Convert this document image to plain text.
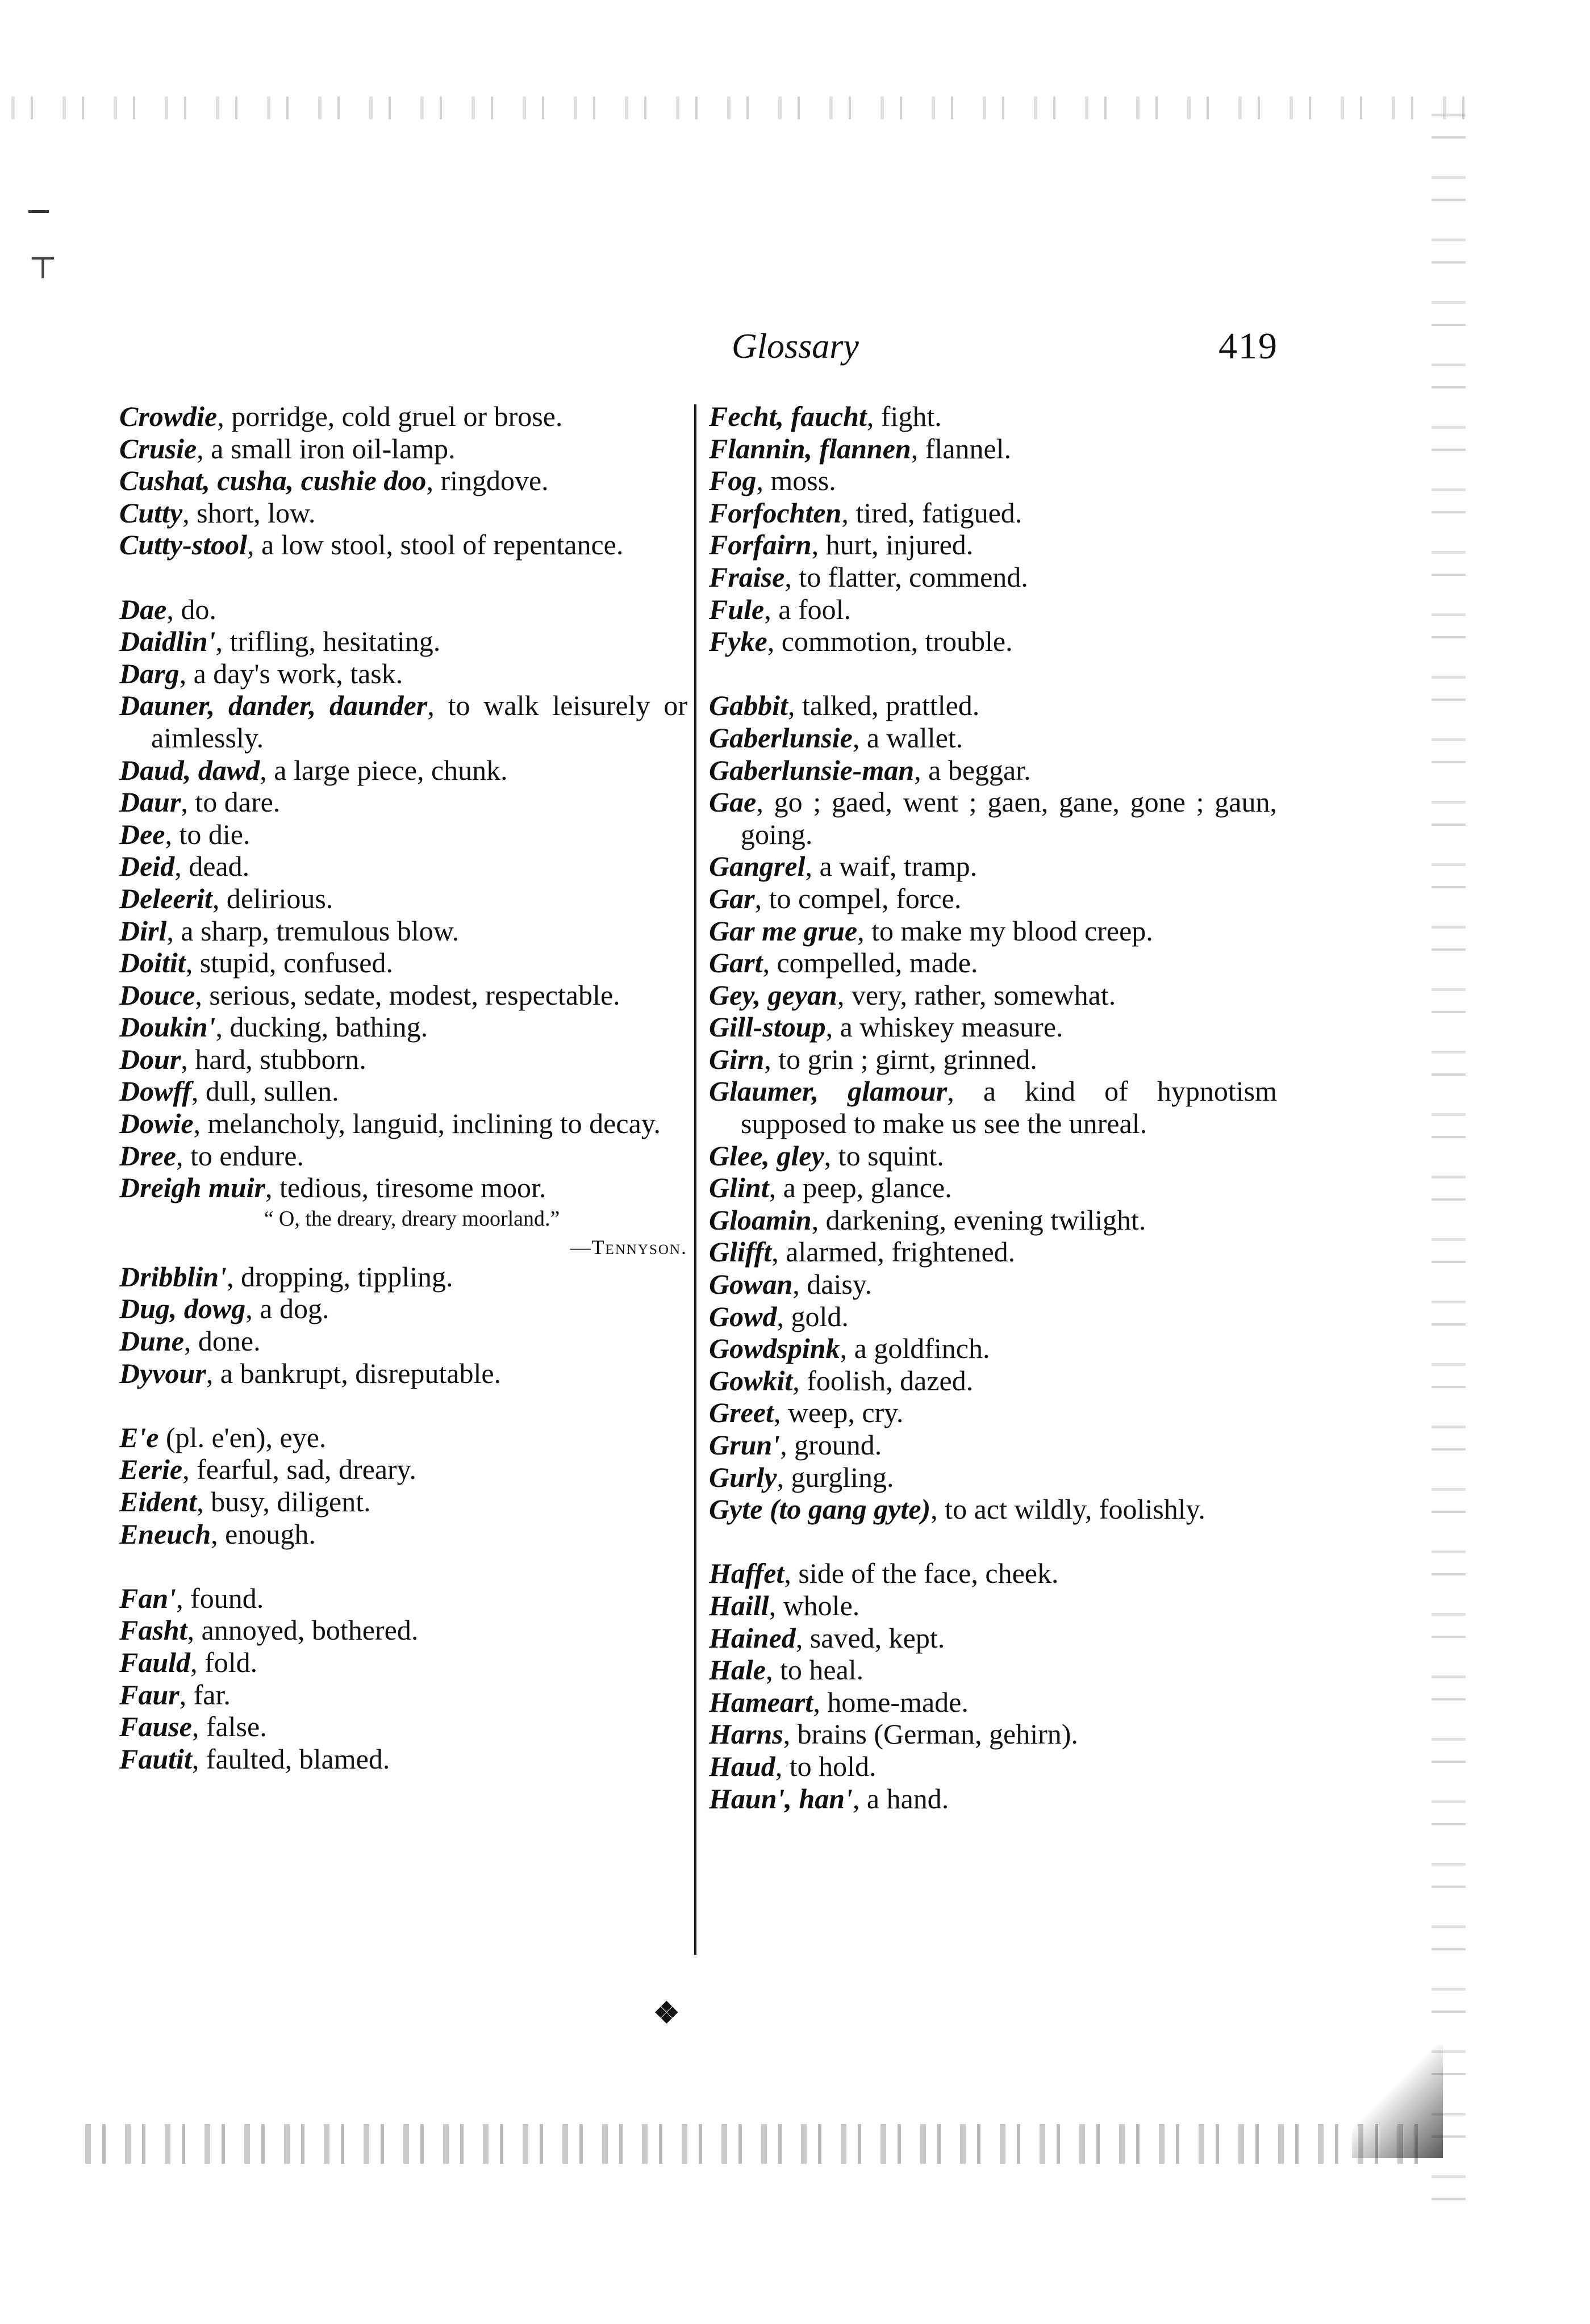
⊤
Glossary	419
Crowdie, porridge, cold gruel or brose.
Crusie, a small iron oil-lamp.
Cushat, cusha, cushie doo, ringdove.
Cutty, short, low.
Cutty-stool, a low stool, stool of repentance.
Dae, do.
Daidlin', trifling, hesitating.
Darg, a day's work, task.
Dauner, dander, daunder, to walk leisurely or aimlessly.
Daud, dawd, a large piece, chunk.
Daur, to dare.
Dee, to die.
Deid, dead.
Deleerit, delirious.
Dirl, a sharp, tremulous blow.
Doitit, stupid, confused.
Douce, serious, sedate, modest, respectable.
Doukin', ducking, bathing.
Dour, hard, stubborn.
Dowff, dull, sullen.
Dowie, melancholy, languid, inclining to decay.
Dree, to endure.
Dreigh muir, tedious, tiresome moor.
“ O, the dreary, dreary moorland.”
—Tennyson.
Dribblin', dropping, tippling.
Dug, dowg, a dog.
Dune, done.
Dyvour, a bankrupt, disreputable.
E'e (pl. e'en), eye.
Eerie, fearful, sad, dreary.
Eident, busy, diligent.
Eneuch, enough.
Fan', found.
Fasht, annoyed, bothered.
Fauld, fold.
Faur, far.
Fause, false.
Fautit, faulted, blamed.
Fecht, faucht, fight.
Flannin, flannen, flannel.
Fog, moss.
Forfochten, tired, fatigued.
Forfairn, hurt, injured.
Fraise, to flatter, commend.
Fule, a fool.
Fyke, commotion, trouble.
Gabbit, talked, prattled.
Gaberlunsie, a wallet.
Gaberlunsie-man, a beggar.
Gae, go ; gaed, went ; gaen, gane, gone ; gaun, going.
Gangrel, a waif, tramp.
Gar, to compel, force.
Gar me grue, to make my blood creep.
Gart, compelled, made.
Gey, geyan, very, rather, somewhat.
Gill-stoup, a whiskey measure.
Girn, to grin ; girnt, grinned.
Glaumer, glamour, a kind of hypnotism supposed to make us see the unreal.
Glee, gley, to squint.
Glint, a peep, glance.
Gloamin, darkening, evening twilight.
Glifft, alarmed, frightened.
Gowan, daisy.
Gowd, gold.
Gowdspink, a goldfinch.
Gowkit, foolish, dazed.
Greet, weep, cry.
Grun', ground.
Gurly, gurgling.
Gyte (to gang gyte), to act wildly, foolishly.
Haffet, side of the face, cheek.
Haill, whole.
Hained, saved, kept.
Hale, to heal.
Hameart, home-made.
Harns, brains (German, gehirn).
Haud, to hold.
Haun', han', a hand.
❖
